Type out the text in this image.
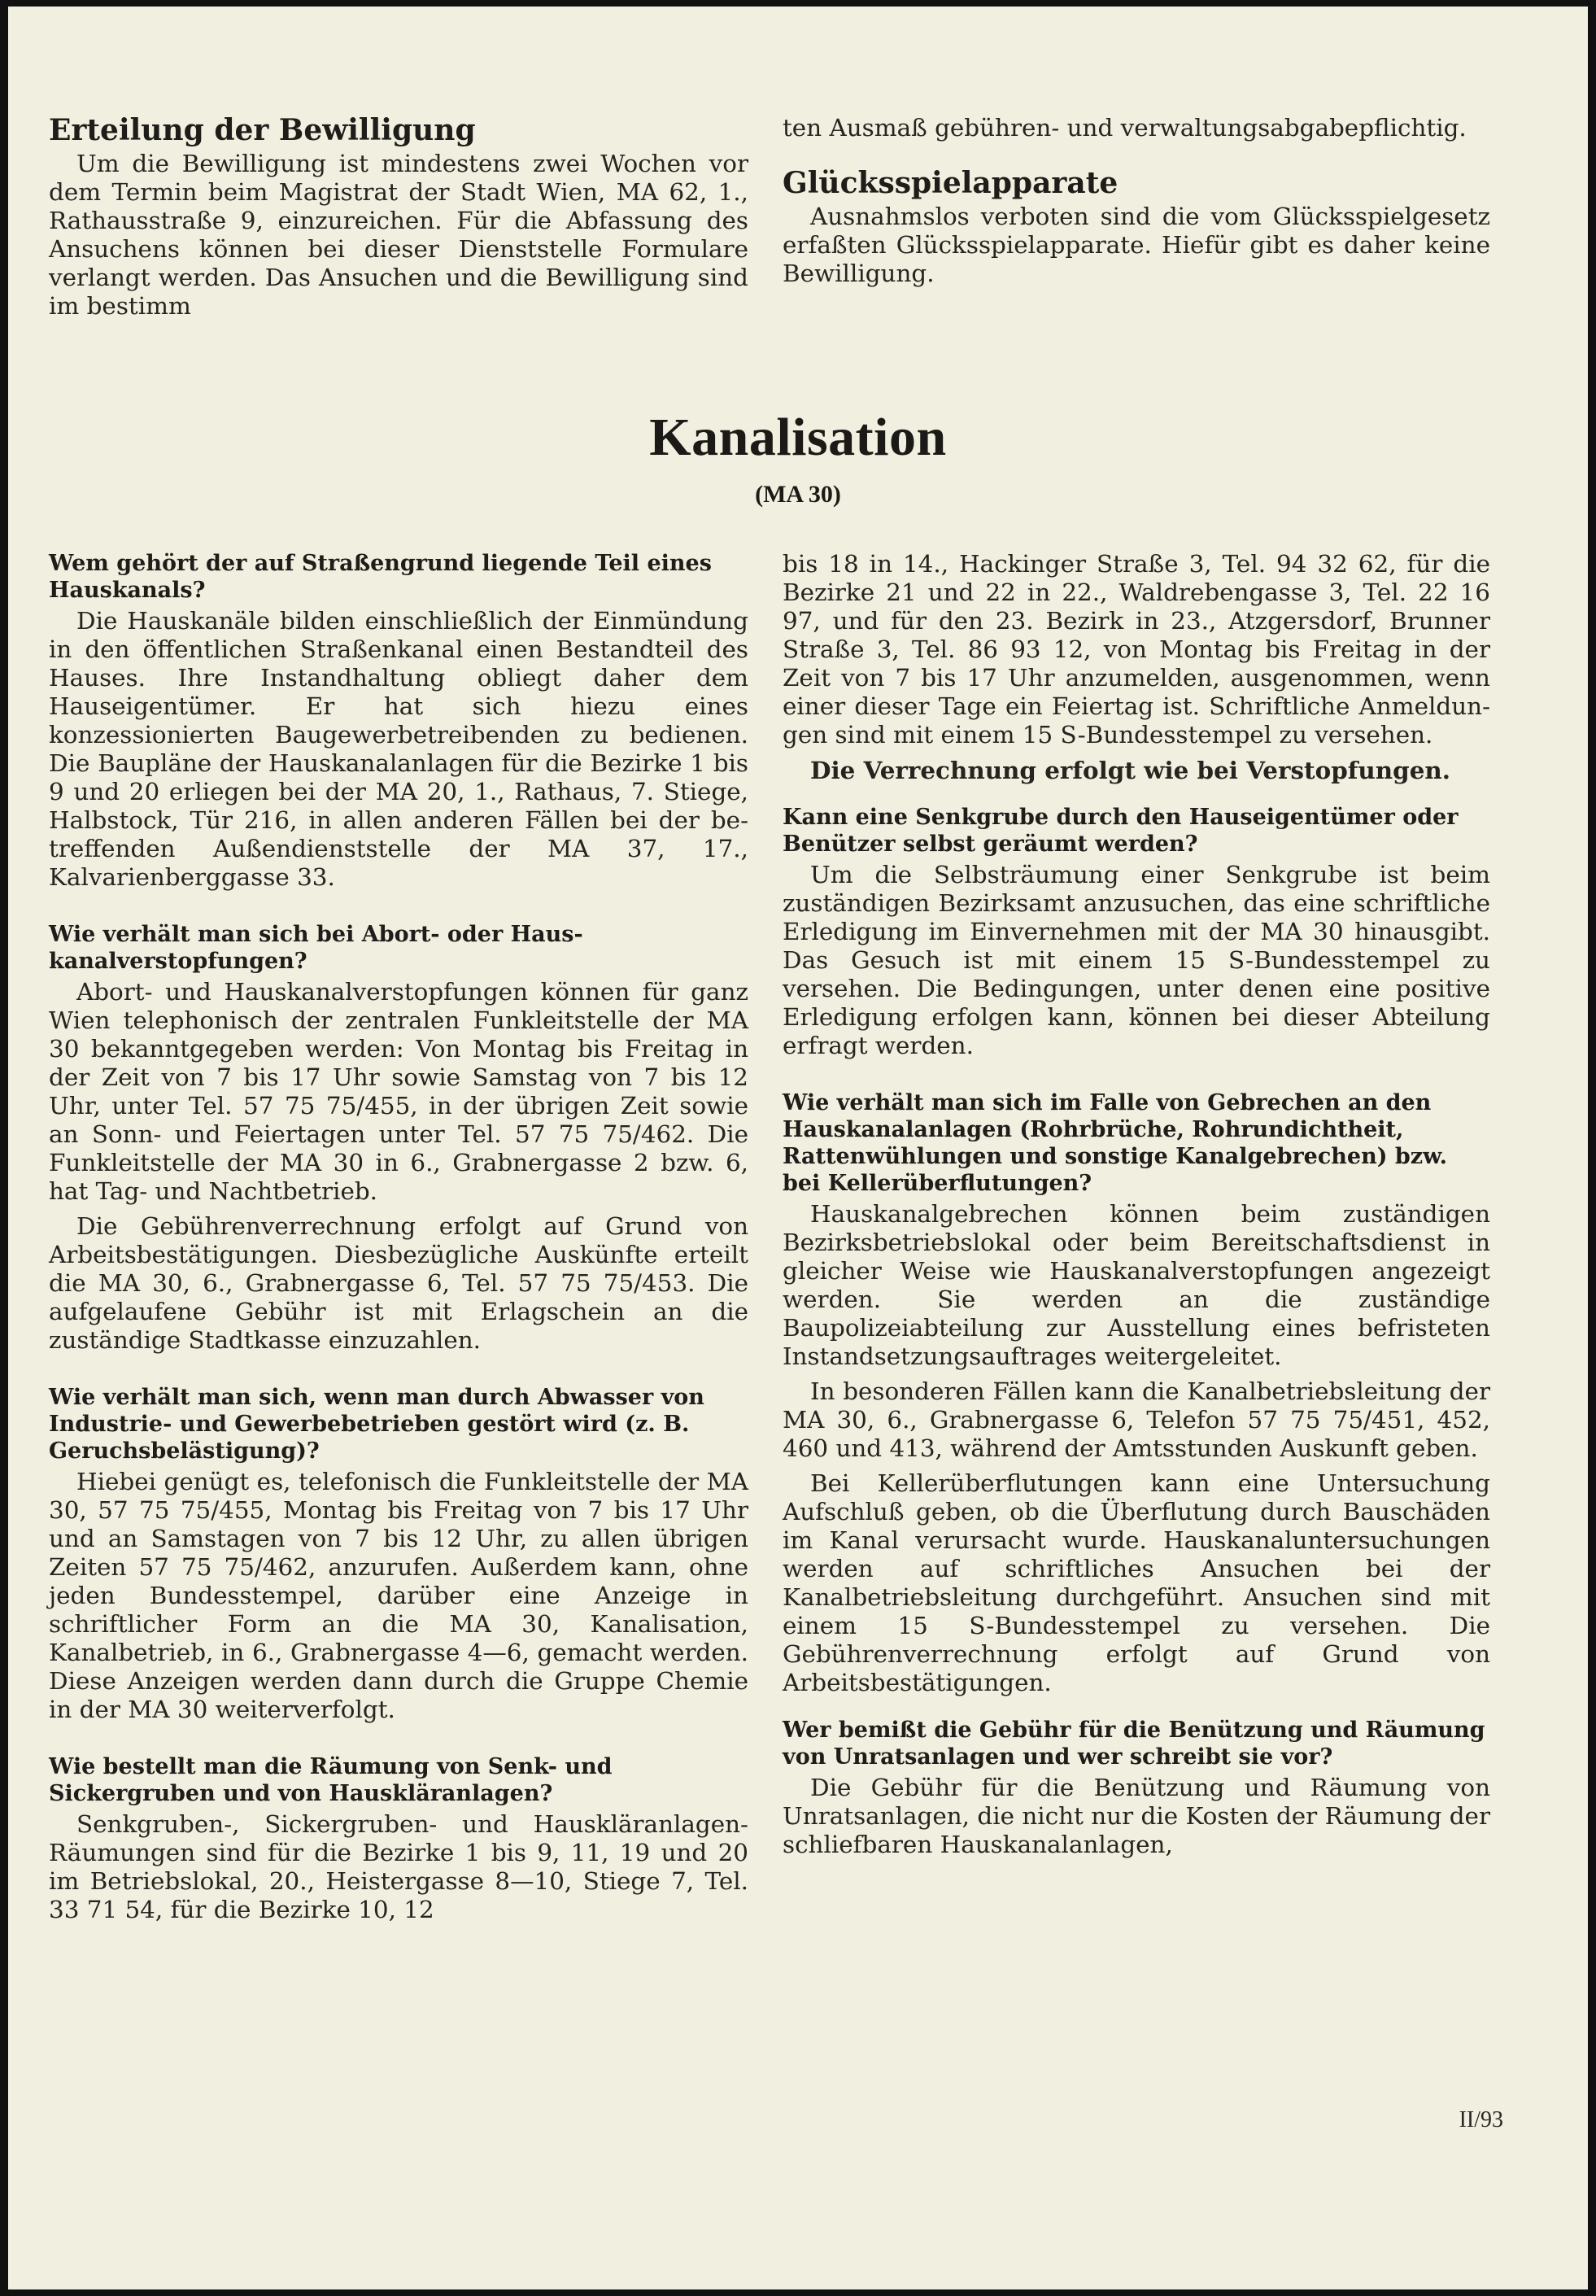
Erteilung der Bewilligung

Um die Bewilligung ist mindestens zwei Wochen vor dem Termin beim Magistrat der Stadt Wien, MA 62, 1., Rathausstraße 9, einzureichen. Für die Abfassung des Ansuchens können bei dieser Dienststelle Formulare verlangt werden. Das Ansuchen und die Bewilligung sind im bestimm

ten Ausmaß gebühren- und verwaltungsabgabepflichtig.

Glücksspielapparate

Ausnahmslos verboten sind die vom Glücksspielgesetz erfaßten Glücksspielapparate. Hiefür gibt es daher keine Bewilligung.

Kanalisation
(MA 30)
Wem gehört der auf Straßengrund liegende Teil eines Hauskanals?

Die Hauskanäle bilden einschließlich der Einmündung in den öffentlichen Straßenkanal einen Bestandteil des Hauses. Ihre Instandhaltung obliegt daher dem Hauseigentümer. Er hat sich hiezu eines konzessionierten Baugewerbetreibenden zu bedienen. Die Baupläne der Hauskanalanlagen für die Bezirke 1 bis 9 und 20 erliegen bei der MA 20, 1., Rathaus, 7. Stiege, Halbstock, Tür 216, in allen anderen Fällen bei der betreffenden Außendienststelle der MA 37, 17., Kalvarienberggasse 33.

Wie verhält man sich bei Abort- oder Hauskanalverstopfungen?

Abort- und Hauskanalverstopfungen können für ganz Wien telephonisch der zentralen Funkleitstelle der MA 30 bekanntgegeben werden: Von Montag bis Freitag in der Zeit von 7 bis 17 Uhr sowie Samstag von 7 bis 12 Uhr, unter Tel. 57 75 75/455, in der übrigen Zeit sowie an Sonn- und Feiertagen unter Tel. 57 75 75/462. Die Funkleitstelle der MA 30 in 6., Grabnergasse 2 bzw. 6, hat Tag- und Nachtbetrieb.

Die Gebührenverrechnung erfolgt auf Grund von Arbeitsbestätigungen. Diesbezügliche Auskünfte erteilt die MA 30, 6., Grabnergasse 6, Tel. 57 75 75/453. Die aufgelaufene Gebühr ist mit Erlagschein an die zuständige Stadtkasse einzuzahlen.

Wie verhält man sich, wenn man durch Abwasser von Industrie- und Gewerbebetrieben gestört wird (z. B. Geruchsbelästigung)?

Hiebei genügt es, telefonisch die Funkleitstelle der MA 30, 57 75 75/455, Montag bis Freitag von 7 bis 17 Uhr und an Samstagen von 7 bis 12 Uhr, zu allen übrigen Zeiten 57 75 75/462, anzurufen. Außerdem kann, ohne jeden Bundesstempel, darüber eine Anzeige in schriftlicher Form an die MA 30, Kanalisation, Kanalbetrieb, in 6., Grabnergasse 4—6, gemacht werden. Diese Anzeigen werden dann durch die Gruppe Chemie in der MA 30 weiterverfolgt.

Wie bestellt man die Räumung von Senk- und Sickergruben und von Hauskläranlagen?

Senkgruben-, Sickergruben- und Hauskläranlagen-Räumungen sind für die Bezirke 1 bis 9, 11, 19 und 20 im Betriebslokal, 20., Heistergasse 8—10, Stiege 7, Tel. 33 71 54, für die Bezirke 10, 12

bis 18 in 14., Hackinger Straße 3, Tel. 94 32 62, für die Bezirke 21 und 22 in 22., Waldrebengasse 3, Tel. 22 16 97, und für den 23. Bezirk in 23., Atzgersdorf, Brunner Straße 3, Tel. 86 93 12, von Montag bis Freitag in der Zeit von 7 bis 17 Uhr anzumelden, ausgenommen, wenn einer dieser Tage ein Feiertag ist. Schriftliche Anmeldungen sind mit einem 15 S-Bundesstempel zu versehen.

Die Verrechnung erfolgt wie bei Verstopfungen.

Kann eine Senkgrube durch den Hauseigentümer oder Benützer selbst geräumt werden?

Um die Selbsträumung einer Senkgrube ist beim zuständigen Bezirksamt anzusuchen, das eine schriftliche Erledigung im Einvernehmen mit der MA 30 hinausgibt. Das Gesuch ist mit einem 15 S-Bundesstempel zu versehen. Die Bedingungen, unter denen eine positive Erledigung erfolgen kann, können bei dieser Abteilung erfragt werden.

Wie verhält man sich im Falle von Gebrechen an den Hauskanalanlagen (Rohrbrüche, Rohrundichtheit, Rattenwühlungen und sonstige Kanalgebrechen) bzw. bei Kellerüberflutungen?

Hauskanalgebrechen können beim zuständigen Bezirksbetriebslokal oder beim Bereitschaftsdienst in gleicher Weise wie Hauskanalverstopfungen angezeigt werden. Sie werden an die zuständige Baupolizeiabteilung zur Ausstellung eines befristeten Instandsetzungsauftrages weitergeleitet.

In besonderen Fällen kann die Kanalbetriebsleitung der MA 30, 6., Grabnergasse 6, Telefon 57 75 75/451, 452, 460 und 413, während der Amtsstunden Auskunft geben.

Bei Kellerüberflutungen kann eine Untersuchung Aufschluß geben, ob die Überflutung durch Bauschäden im Kanal verursacht wurde. Hauskanaluntersuchungen werden auf schriftliches Ansuchen bei der Kanalbetriebsleitung durchgeführt. Ansuchen sind mit einem 15 S-Bundesstempel zu versehen. Die Gebührenverrechnung erfolgt auf Grund von Arbeitsbestätigungen.

Wer bemißt die Gebühr für die Benützung und Räumung von Unratsanlagen und wer schreibt sie vor?

Die Gebühr für die Benützung und Räumung von Unratsanlagen, die nicht nur die Kosten der Räumung der schliefbaren Hauskanalanlagen,

II/93
